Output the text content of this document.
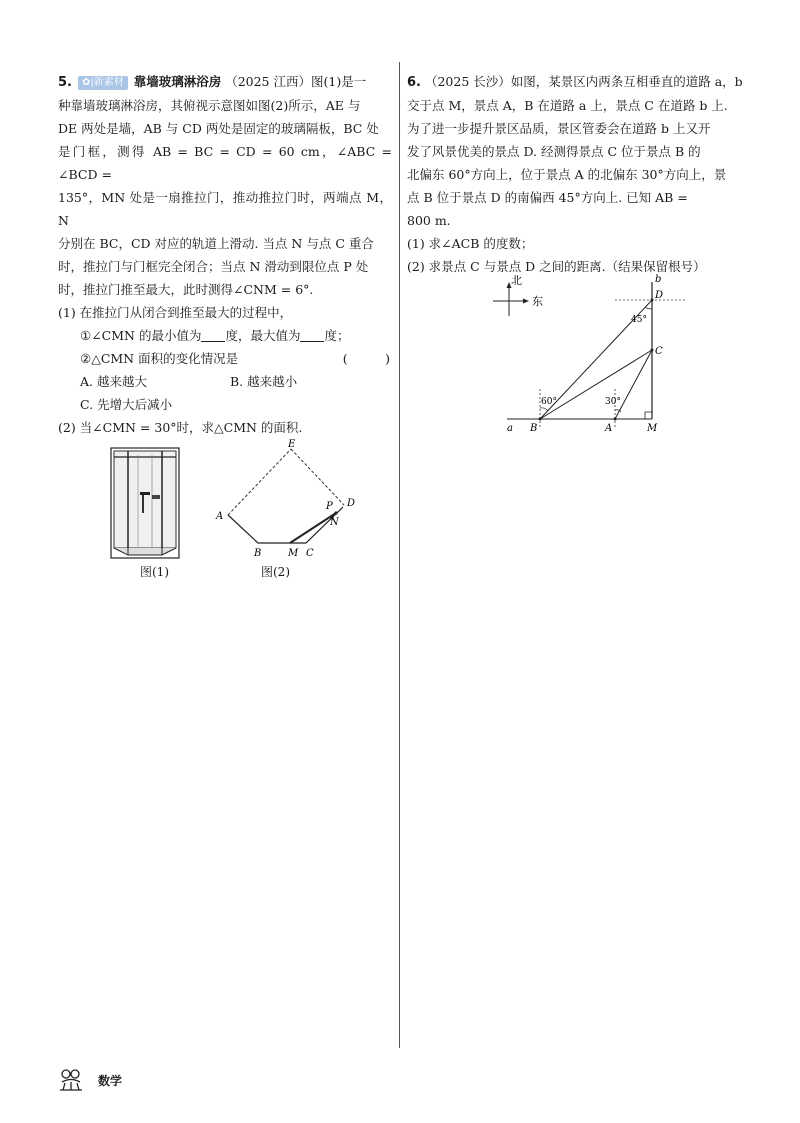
5. ✿|新素材 靠墙玻璃淋浴房 （2025 江西）图(1)是一
种靠墙玻璃淋浴房，其俯视示意图如图(2)所示，AE 与
DE 两处是墙，AB 与 CD 两处是固定的玻璃隔板，BC 处
是门框，测得 AB = BC = CD = 60 cm，∠ABC = ∠BCD =
135°，MN 处是一扇推拉门，推动推拉门时，两端点 M，N
分别在 BC，CD 对应的轨道上滑动. 当点 N 与点 C 重合
时，推拉门与门框完全闭合；当点 N 滑动到限位点 P 处
时，推拉门推至最大，此时测得∠CNM = 6°.
(1) 在推拉门从闭合到推至最大的过程中，
①∠CMN 的最小值为 度，最大值为 度；
②△CMN 面积的变化情况是	(　　　)
A. 越来越大	B. 越来越小
C. 先增大后减小
(2) 当∠CMN = 30°时，求△CMN 的面积.
图(1)
E
A
B	M C
N
P D
图(2)
6. （2025 长沙）如图，某景区内两条互相垂直的道路 a，b
交于点 M，景点 A，B 在道路 a 上，景点 C 在道路 b 上.
为了进一步提升景区品质，景区管委会在道路 b 上又开
发了风景优美的景点 D. 经测得景点 C 位于景点 B 的
北偏东 60°方向上，位于景点 A 的北偏东 30°方向上，景
点 B 位于景点 D 的南偏西 45°方向上. 已知 AB =
800 m.
(1) 求∠ACB 的度数；
(2) 求景点 C 与景点 D 之间的距离.（结果保留根号）
北
东
a
b
B	A	M
C
D
60°	30°
45°
数学
